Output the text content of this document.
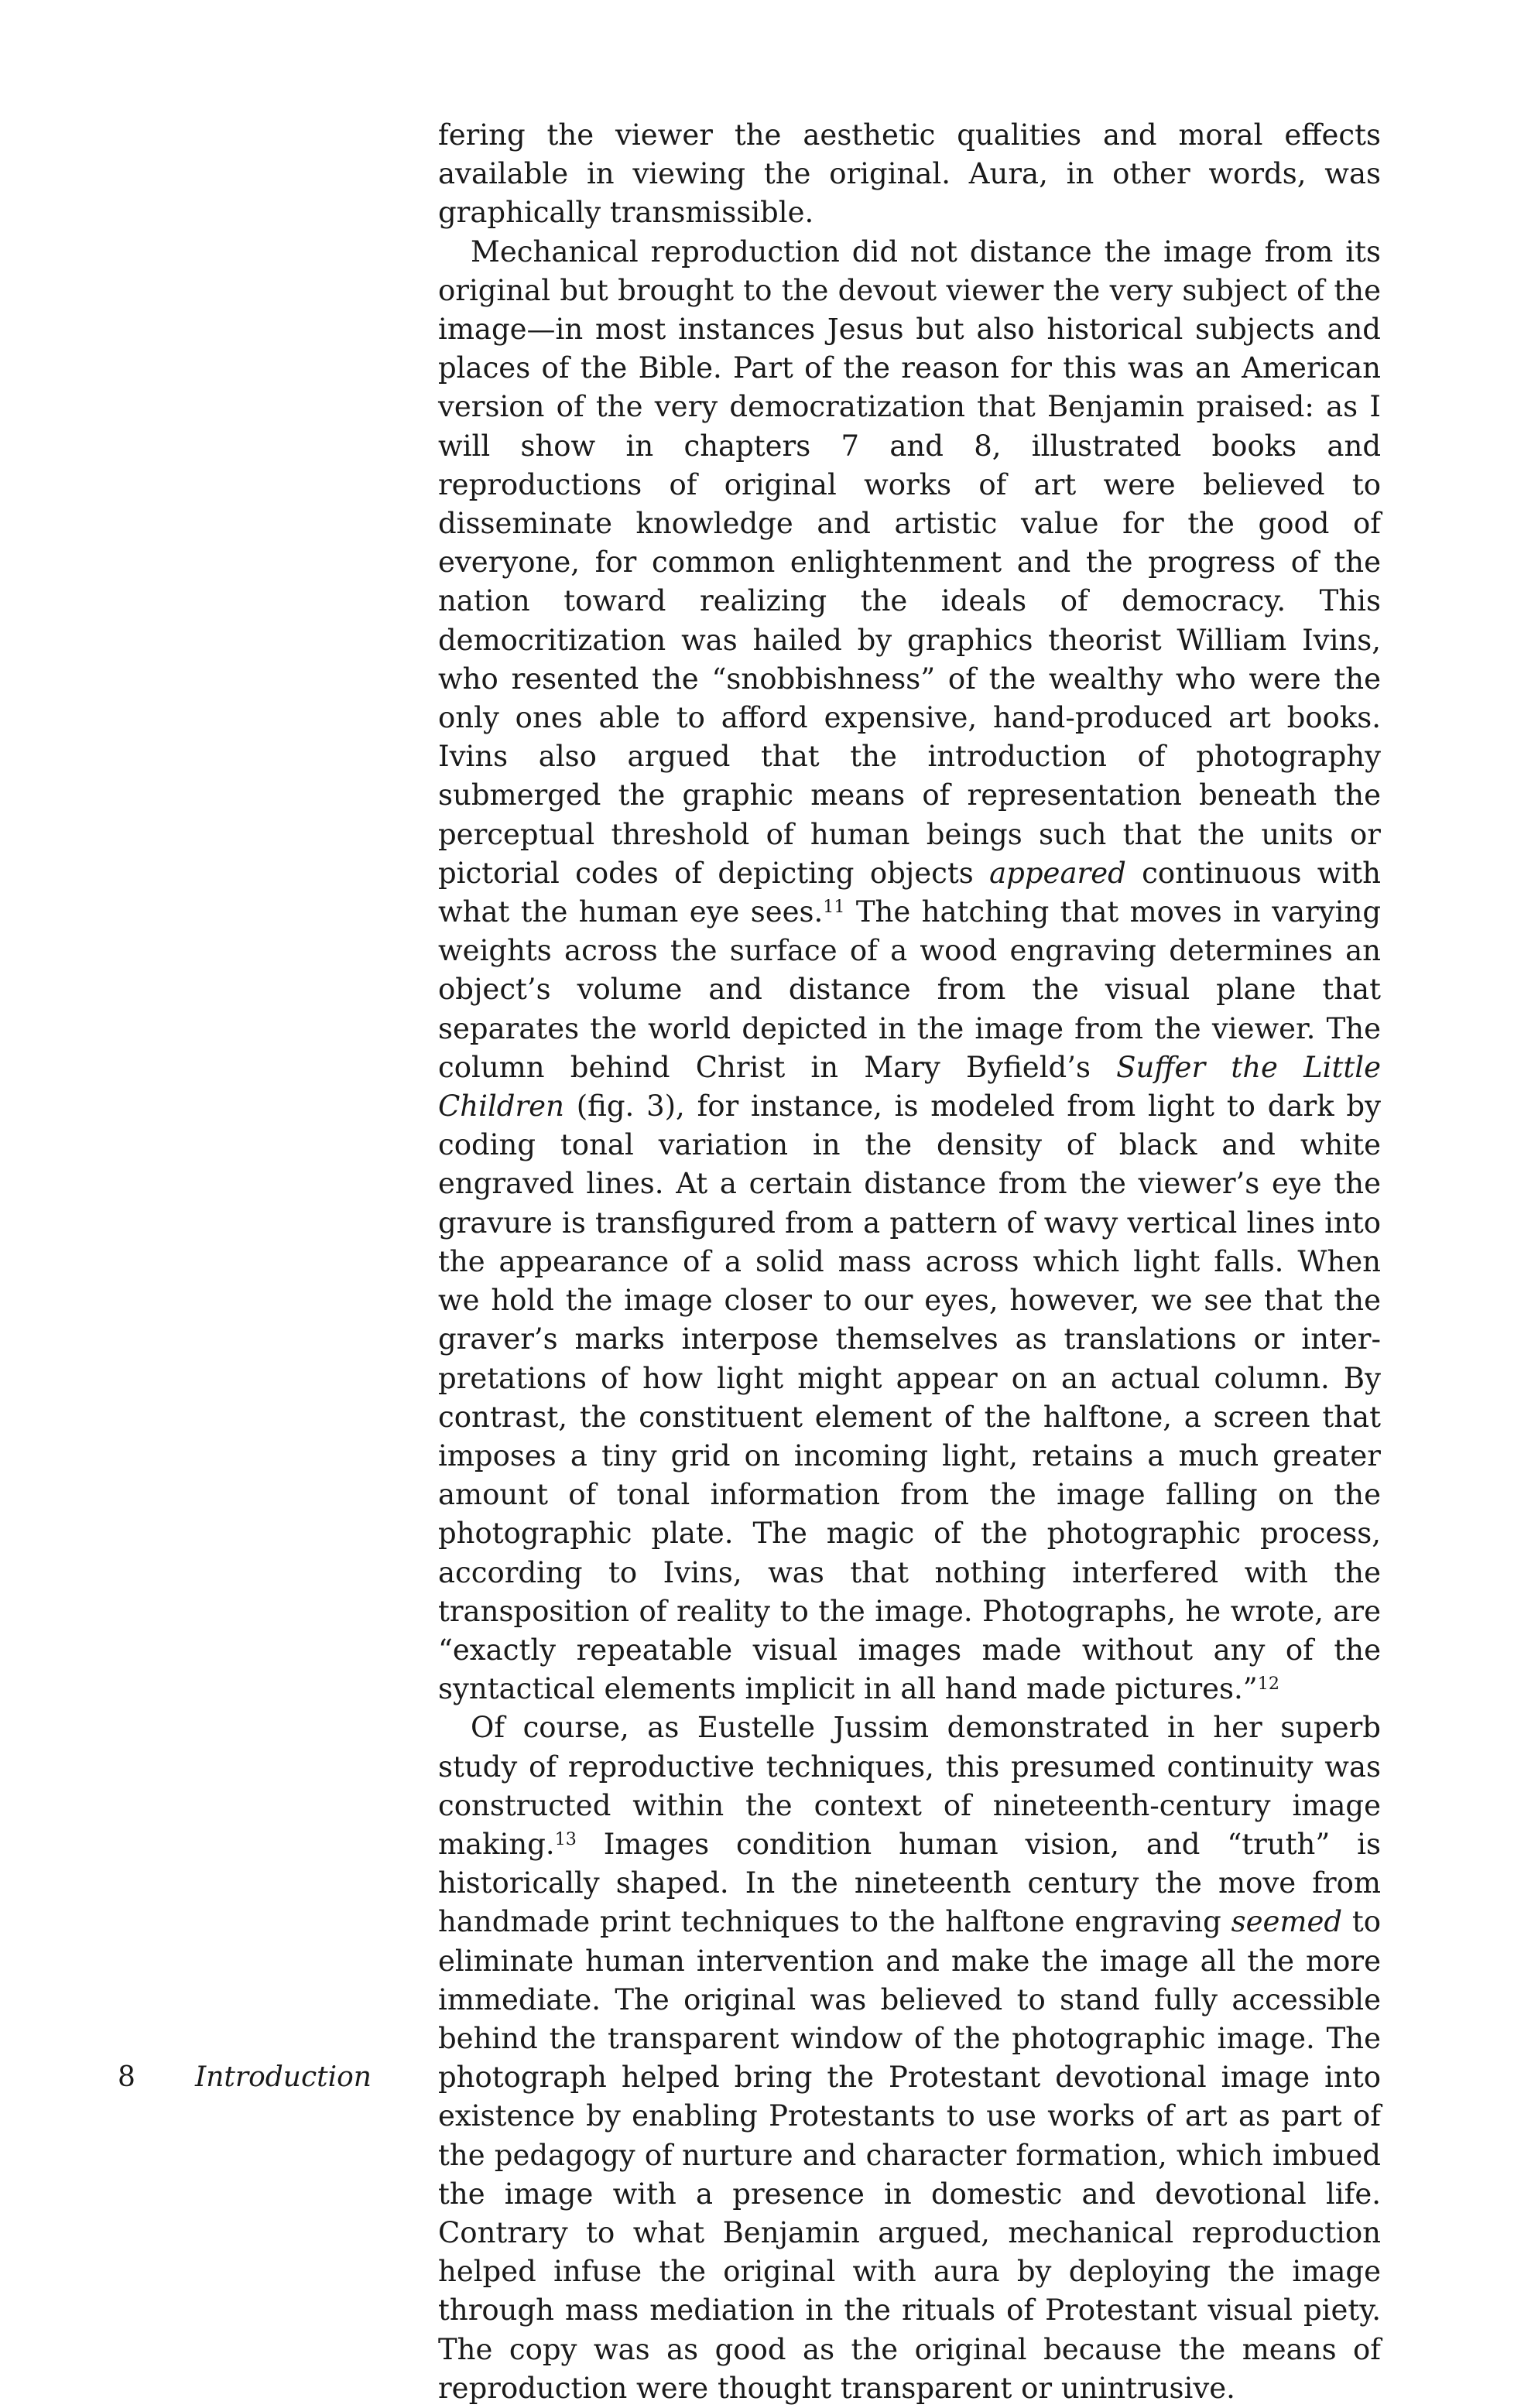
fering the viewer the aesthetic qualities and moral effects available in viewing the original. Aura, in other words, was graphically transmissible.

Mechanical reproduction did not distance the image from its original but brought to the devout viewer the very subject of the image—in most instances Jesus but also historical subjects and places of the Bible. Part of the reason for this was an American version of the very democratization that Benjamin praised: as I will show in chapters 7 and 8, illustrated books and reproductions of original works of art were believed to disseminate knowledge and artistic value for the good of everyone, for common enlightenment and the progress of the nation toward realizing the ideals of democracy. This democritization was hailed by graphics theorist William Ivins, who resented the “snobbishness” of the wealthy who were the only ones able to afford expensive, hand-produced art books. Ivins also argued that the introduction of photography submerged the graphic means of representation beneath the perceptual threshold of human beings such that the units or pictorial codes of depicting objects appeared continuous with what the human eye sees.$^{11}$ The hatching that moves in varying weights across the surface of a wood engraving determines an object’s volume and distance from the visual plane that separates the world depicted in the image from the viewer. The column behind Christ in Mary Byfield’s Suffer the Little Children (fig. 3), for instance, is modeled from light to dark by coding tonal variation in the density of black and white engraved lines. At a certain distance from the viewer’s eye the gravure is transfigured from a pattern of wavy vertical lines into the appearance of a solid mass across which light falls. When we hold the image closer to our eyes, however, we see that the graver’s marks interpose themselves as translations or interpretations of how light might appear on an actual column. By contrast, the constituent element of the halftone, a screen that imposes a tiny grid on incoming light, retains a much greater amount of tonal information from the image falling on the photographic plate. The magic of the photographic process, according to Ivins, was that nothing interfered with the transposition of reality to the image. Photographs, he wrote, are “exactly repeatable visual images made without any of the syntactical elements implicit in all hand made pictures.”$^{12}$

Of course, as Eustelle Jussim demonstrated in her superb study of reproductive techniques, this presumed continuity was constructed within the context of nineteenth-century image making.$^{13}$ Images condition human vision, and “truth” is historically shaped. In the nineteenth century the move from handmade print techniques to the halftone engraving seemed to eliminate human intervention and make the image all the more immediate. The original was believed to stand fully accessible behind the transparent window of the photographic image. The photograph helped bring the Protestant devotional image into existence by enabling Protestants to use works of art as part of the pedagogy of nurture and character formation, which imbued the image with a presence in domestic and devotional life. Contrary to what Benjamin argued, mechanical reproduction helped infuse the original with aura by deploying the image through mass mediation in the rituals of Protestant visual piety. The copy was as good as the original because the means of reproduction were thought transparent or unintrusive.

8 Introduction
